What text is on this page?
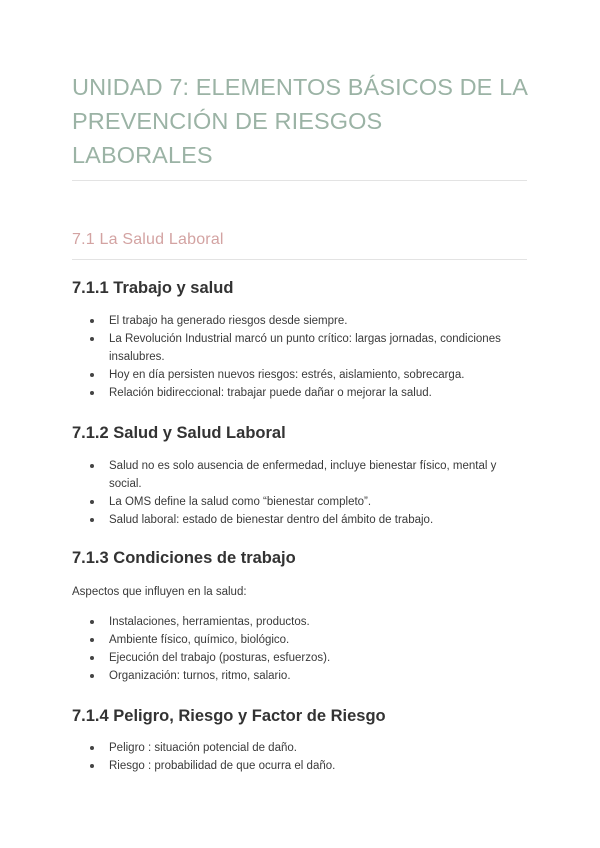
UNIDAD 7: ELEMENTOS BÁSICOS DE LA PREVENCIÓN DE RIESGOS LABORALES
7.1 La Salud Laboral
7.1.1 Trabajo y salud
El trabajo ha generado riesgos desde siempre.
La Revolución Industrial marcó un punto crítico: largas jornadas, condiciones insalubres.
Hoy en día persisten nuevos riesgos: estrés, aislamiento, sobrecarga.
Relación bidireccional: trabajar puede dañar o mejorar la salud.
7.1.2 Salud y Salud Laboral
Salud no es solo ausencia de enfermedad, incluye bienestar físico, mental y social.
La OMS define la salud como “bienestar completo”.
Salud laboral: estado de bienestar dentro del ámbito de trabajo.
7.1.3 Condiciones de trabajo

Aspectos que influyen en la salud:

Instalaciones, herramientas, productos.
Ambiente físico, químico, biológico.
Ejecución del trabajo (posturas, esfuerzos).
Organización: turnos, ritmo, salario.
7.1.4 Peligro, Riesgo y Factor de Riesgo
Peligro : situación potencial de daño.
Riesgo : probabilidad de que ocurra el daño.
